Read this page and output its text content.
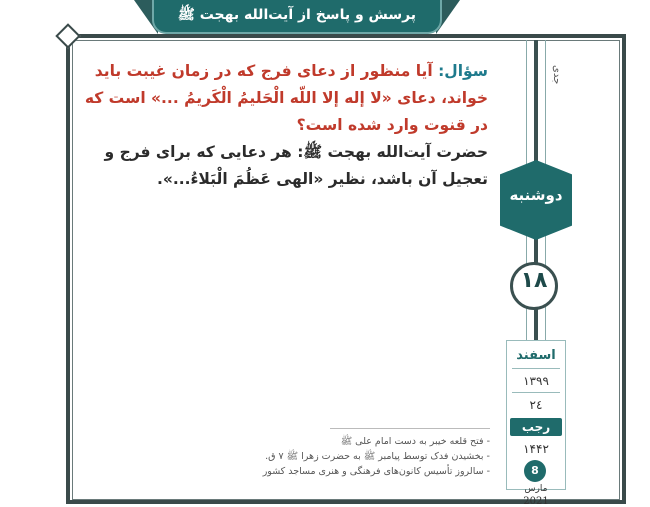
پرسش و پاسخ از آیت‌الله بهجت ﷺ
سؤال: آیا منظور از دعای فرج که در زمان غیبت باید خواند، دعای «لا إله إلا اللّه الْحَلیمُ الْکَریمُ ...» است که در قنوت وارد شده است؟
حضرت آیت‌الله بهجت ﷺ: هر دعایی که برای فرج و تعجیل آن باشد، نظیر «الهی عَظُمَ الْبَلاءُ...».
جدی
دوشنبه
۱۸
اسفند
۱۳۹۹
۲٤
رجب
۱۴۴۲
8
مارس
2021
- فتح قلعه خیبر به دست امام علی ﷺ
- بخشیدن فدک توسط پیامبر ﷺ به حضرت زهرا ﷺ ۷ ق.
- سالروز تأسیس کانون‌های فرهنگی و هنری مساجد کشور
